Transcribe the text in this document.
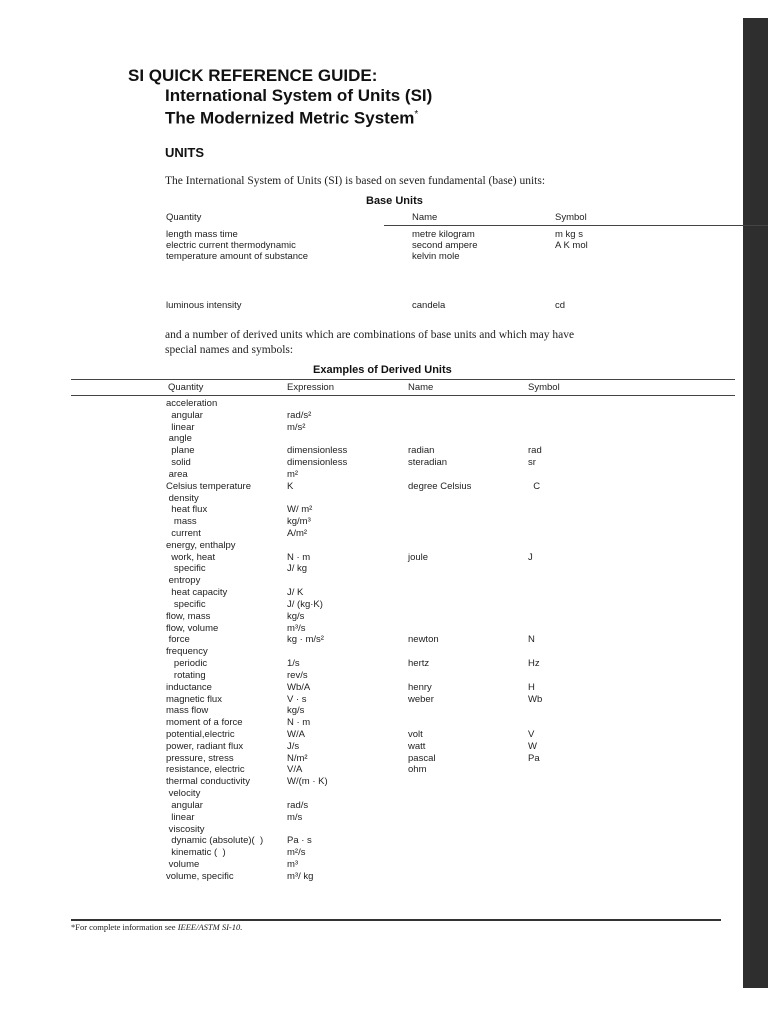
SI QUICK REFERENCE GUIDE:
International System of Units (SI)
The Modernized Metric System*
UNITS
The International System of Units (SI) is based on seven fundamental (base) units:
Base Units
Quantity	Name	Symbol
length mass time	metre kilogram	m kg s
electric current thermodynamic	second ampere	A K mol
temperature amount of substance	kelvin mole
luminous intensity	candela	cd
and a number of derived units which are combinations of base units and which may have
special names and symbols:
Examples of Derived Units
Quantity	Expression	Name	Symbol
acceleration
angular	rad/s²
linear	m/s²
angle
plane	dimensionless	radian	rad
solid	dimensionless	steradian	sr
area	m²
Celsius temperature	K	degree Celsius	C
density
heat flux	W/ m²
mass	kg/m³
current	A/m²
energy, enthalpy
work, heat	N · m	joule	J
specific	J/ kg
entropy
heat capacity	J/ K
specific	J/ (kg·K)
flow, mass	kg/s
flow, volume	m³/s
force	kg · m/s²	newton	N
frequency
periodic	1/s	hertz	Hz
rotating	rev/s
inductance	Wb/A	henry	H
magnetic flux	V · s	weber	Wb
mass flow	kg/s
moment of a force	N · m
potential,electric	W/A	volt	V
power, radiant flux	J/s	watt	W
pressure, stress	N/m²	pascal	Pa
resistance, electric	V/A	ohm
thermal conductivity	W/(m · K)
velocity
angular	rad/s
linear	m/s
viscosity
dynamic (absolute)(  )	Pa · s
kinematic (  )	m²/s
volume	m³
volume, specific	m³/ kg
*For complete information see IEEE/ASTM SI-10.
